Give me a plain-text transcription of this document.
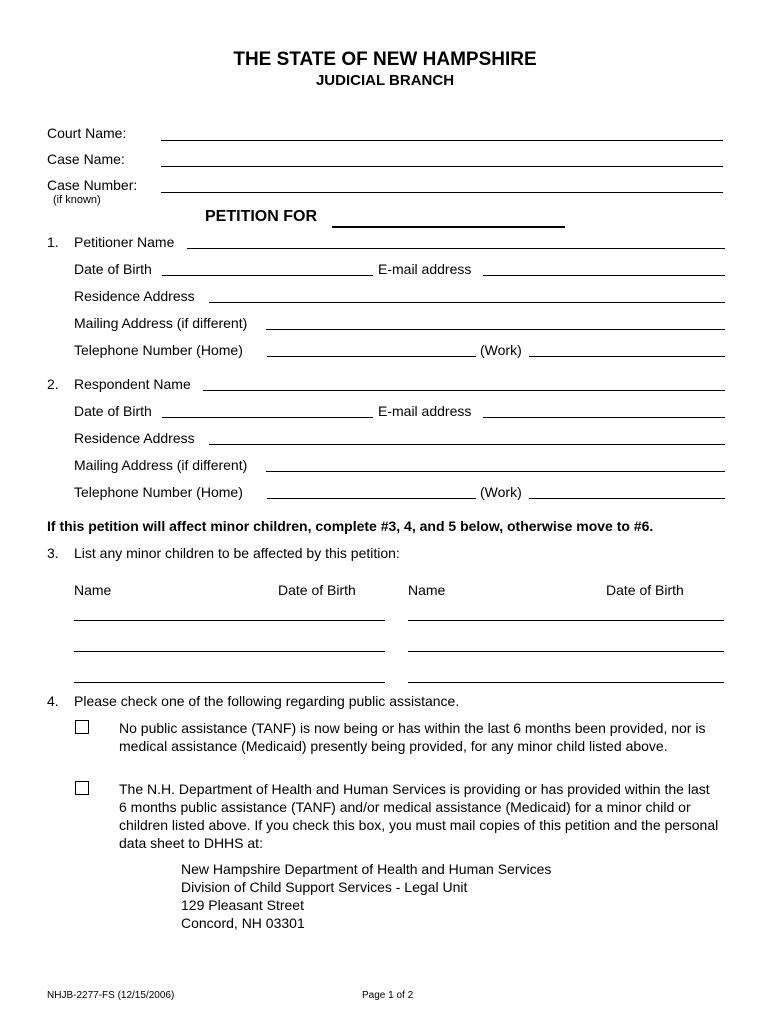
THE STATE OF NEW HAMPSHIRE
JUDICIAL BRANCH
Court Name:
Case Name:
Case Number:
(if known)
PETITION FOR
1. Petitioner Name
Date of Birth	E-mail address
Residence Address
Mailing Address (if different)
Telephone Number (Home)	(Work)
2. Respondent Name
Date of Birth	E-mail address
Residence Address
Mailing Address (if different)
Telephone Number (Home)	(Work)
If this petition will affect minor children, complete #3, 4, and 5 below, otherwise move to #6.
3. List any minor children to be affected by this petition:
Name	Date of Birth	Name	Date of Birth
4. Please check one of the following regarding public assistance.
No public assistance (TANF) is now being or has within the last 6 months been provided, nor is medical assistance (Medicaid) presently being provided, for any minor child listed above.
The N.H. Department of Health and Human Services is providing or has provided within the last 6 months public assistance (TANF) and/or medical assistance (Medicaid) for a minor child or children listed above. If you check this box, you must mail copies of this petition and the personal data sheet to DHHS at:
New Hampshire Department of Health and Human Services
Division of Child Support Services - Legal Unit
129 Pleasant Street
Concord, NH 03301
NHJB-2277-FS (12/15/2006)	Page 1 of 2
